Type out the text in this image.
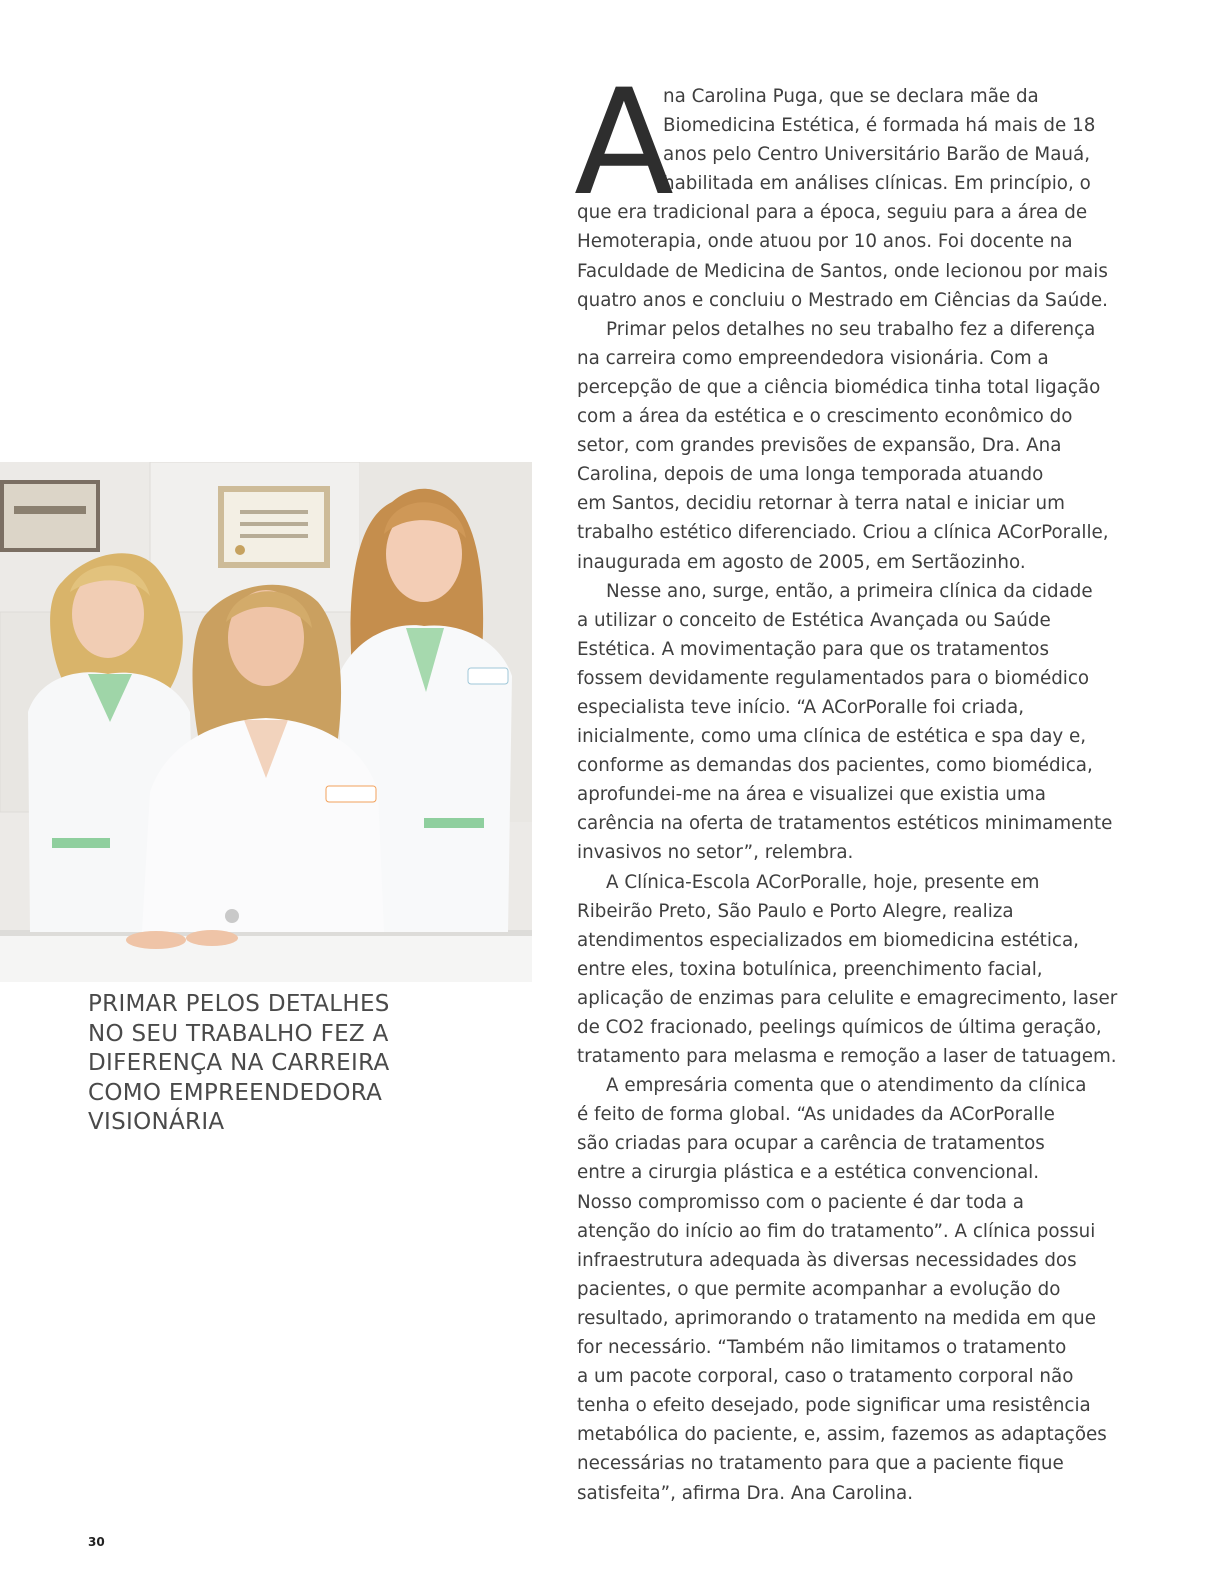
PRIMAR PELOS DETALHES
NO SEU TRABALHO FEZ A
DIFERENÇA NA CARREIRA
COMO EMPREENDEDORA
VISIONÁRIA
A

na Carolina Puga, que se declara mãe da
Biomedicina Estética, é formada há mais de 18
anos pelo Centro Universitário Barão de Mauá,
habilitada em análises clínicas. Em princípio, o
que era tradicional para a época, seguiu para a área de
Hemoterapia, onde atuou por 10 anos. Foi docente na
Faculdade de Medicina de Santos, onde lecionou por mais
quatro anos e concluiu o Mestrado em Ciências da Saúde.

Primar pelos detalhes no seu trabalho fez a diferença
na carreira como empreendedora visionária. Com a
percepção de que a ciência biomédica tinha total ligação
com a área da estética e o crescimento econômico do
setor, com grandes previsões de expansão, Dra. Ana
Carolina, depois de uma longa temporada atuando
em Santos, decidiu retornar à terra natal e iniciar um
trabalho estético diferenciado. Criou a clínica ACorPoralle,
inaugurada em agosto de 2005, em Sertãozinho.

Nesse ano, surge, então, a primeira clínica da cidade
a utilizar o conceito de Estética Avançada ou Saúde
Estética. A movimentação para que os tratamentos
fossem devidamente regulamentados para o biomédico
especialista teve início. “A ACorPoralle foi criada,
inicialmente, como uma clínica de estética e spa day e,
conforme as demandas dos pacientes, como biomédica,
aprofundei-me na área e visualizei que existia uma
carência na oferta de tratamentos estéticos minimamente
invasivos no setor”, relembra.

A Clínica-Escola ACorPoralle, hoje, presente em
Ribeirão Preto, São Paulo e Porto Alegre, realiza
atendimentos especializados em biomedicina estética,
entre eles, toxina botulínica, preenchimento facial,
aplicação de enzimas para celulite e emagrecimento, laser
de CO2 fracionado, peelings químicos de última geração,
tratamento para melasma e remoção a laser de tatuagem.

A empresária comenta que o atendimento da clínica
é feito de forma global. “As unidades da ACorPoralle
são criadas para ocupar a carência de tratamentos
entre a cirurgia plástica e a estética convencional.
Nosso compromisso com o paciente é dar toda a
atenção do início ao fim do tratamento”. A clínica possui
infraestrutura adequada às diversas necessidades dos
pacientes, o que permite acompanhar a evolução do
resultado, aprimorando o tratamento na medida em que
for necessário. “Também não limitamos o tratamento
a um pacote corporal, caso o tratamento corporal não
tenha o efeito desejado, pode significar uma resistência
metabólica do paciente, e, assim, fazemos as adaptações
necessárias no tratamento para que a paciente fique
satisfeita”, afirma Dra. Ana Carolina.

30
